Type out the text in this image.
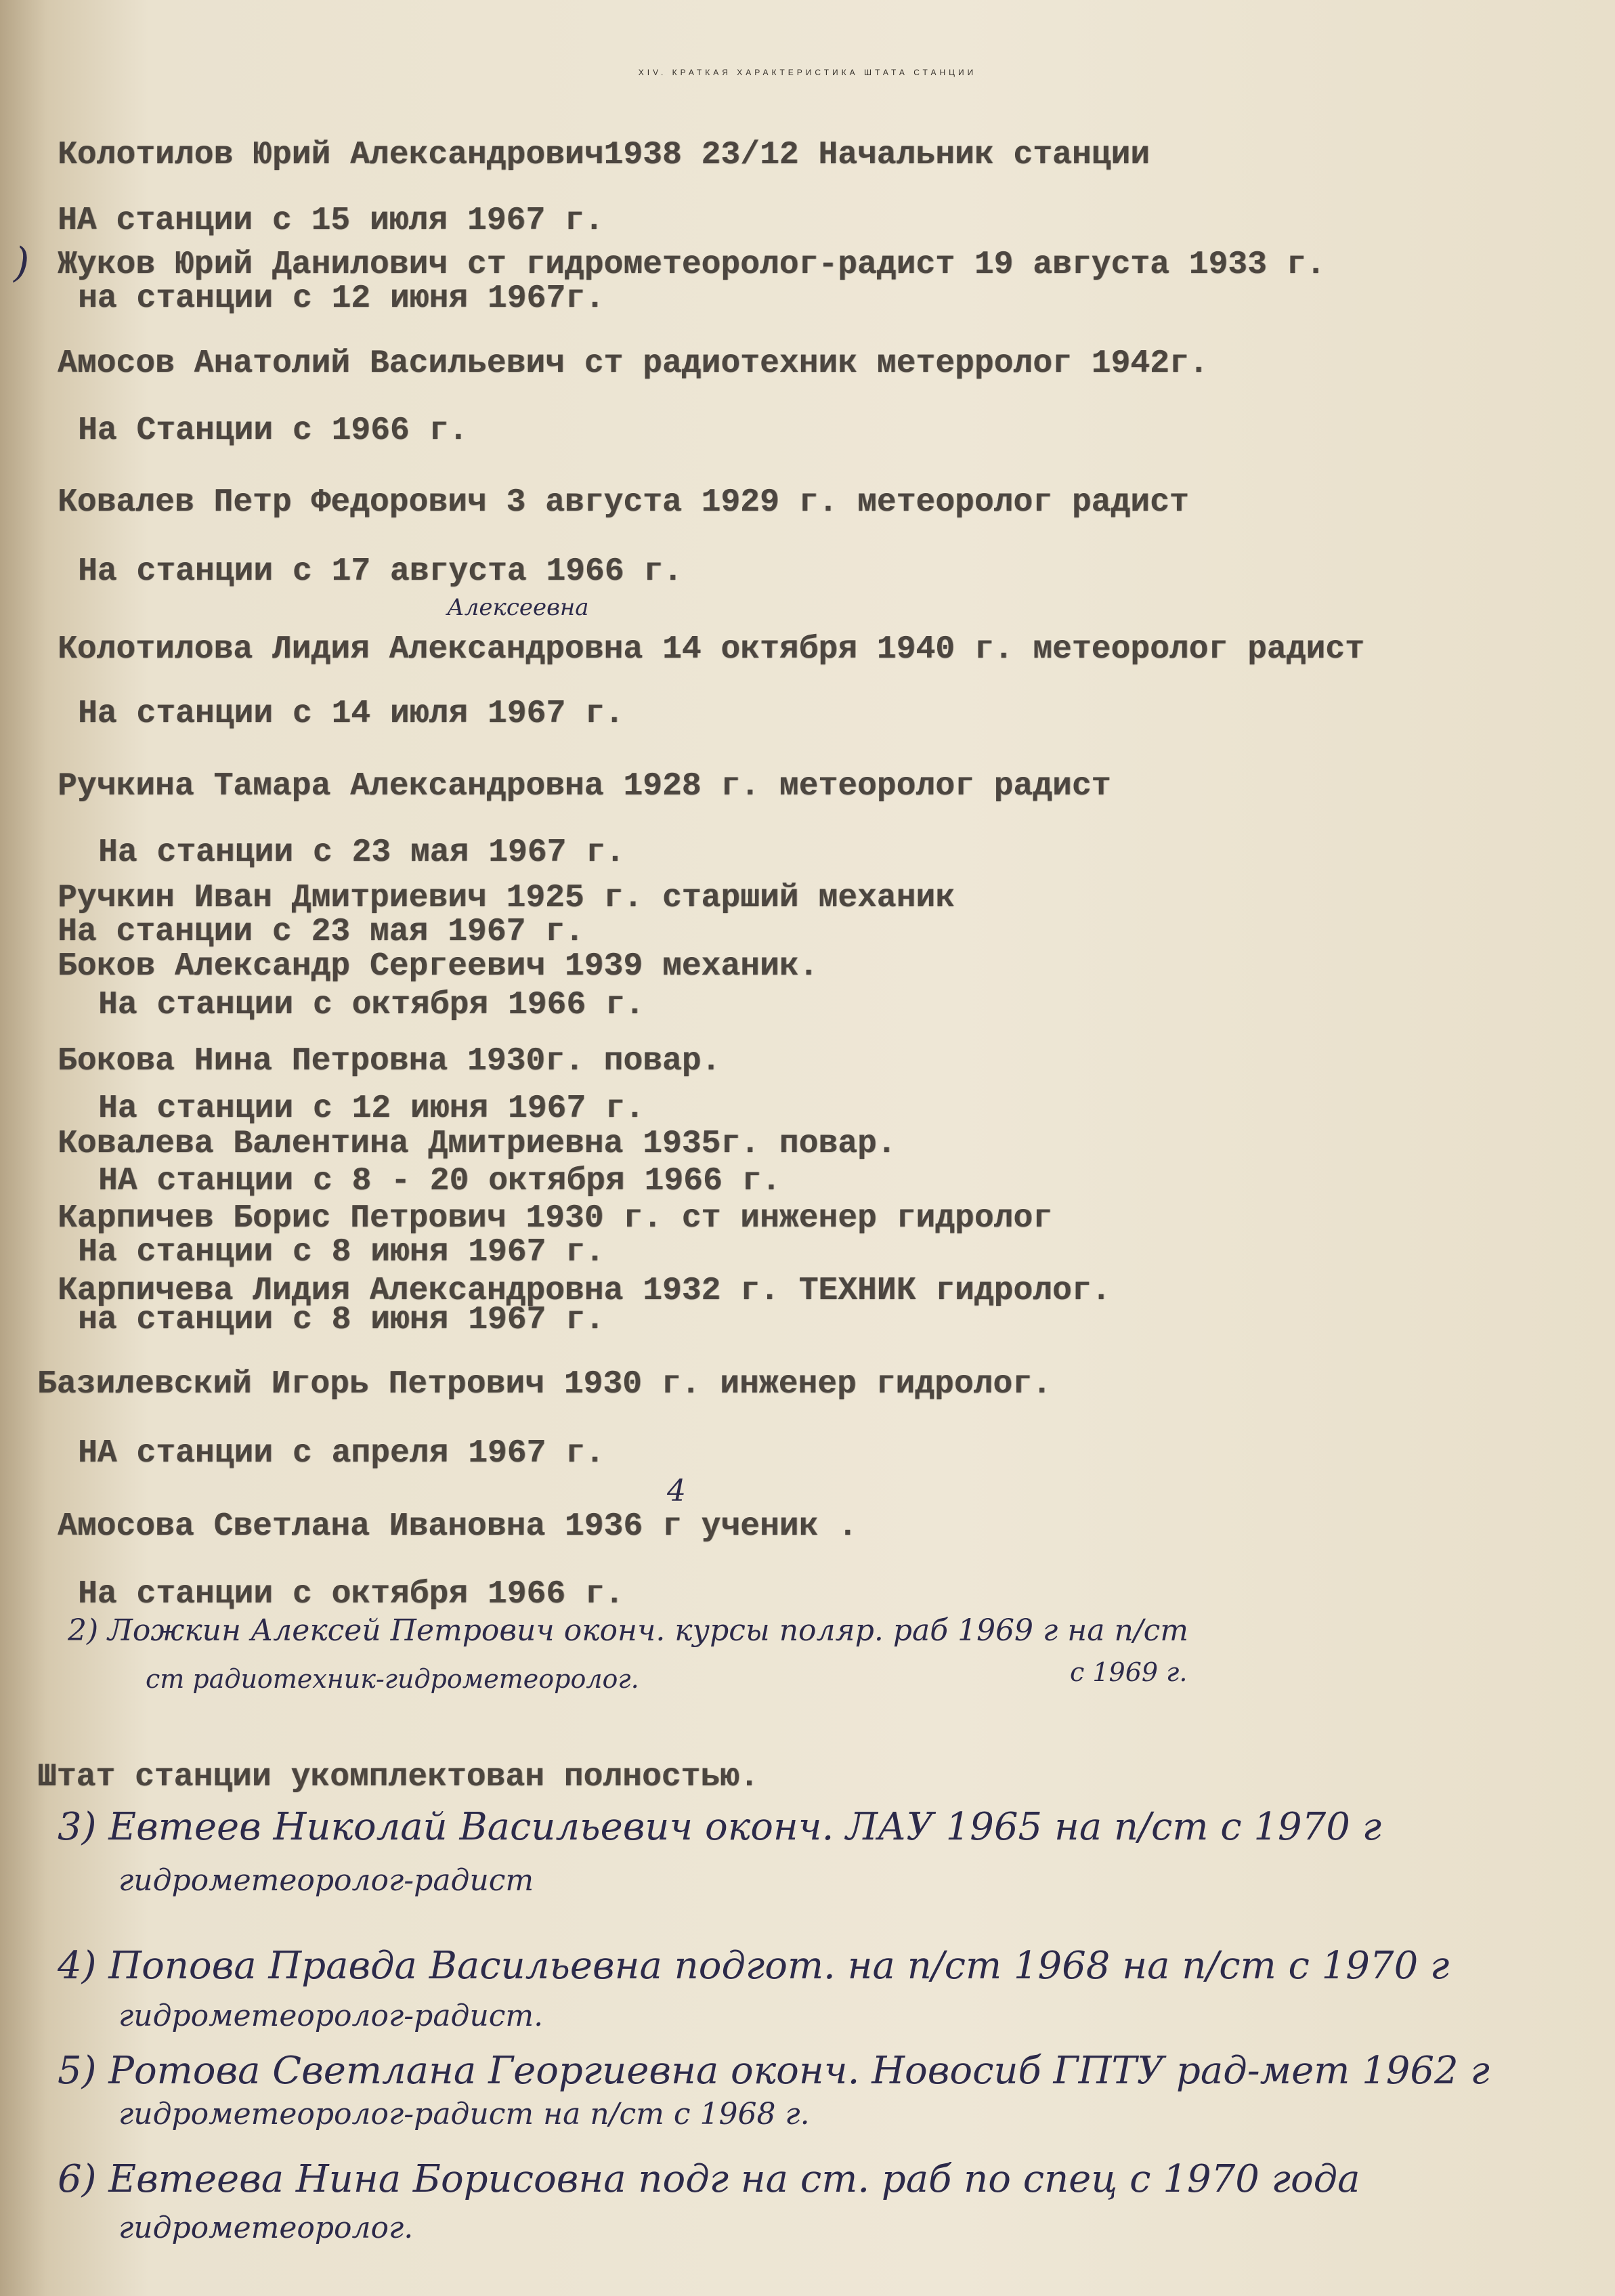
XIV. КРАТКАЯ ХАРАКТЕРИСТИКА ШТАТА СТАНЦИИ
Колотилов Юрий Александрович1938 23/12 Начальник станции
НА станции с 15 июля 1967 г.
) Жуков Юрий Данилович ст гидрометеоролог-радист 19 августа 1933 г.
на станции с 12 июня 1967г.
Амосов Анатолий Васильевич ст радиотехник метерролог 1942г.
На Cтанции с 1966 г.
Ковалев Петр Федорович 3 августа 1929 г. метеоролог радист
На станции с 17 августа 1966 г.
Алексеевна
Колотилова Лидия Александровна 14 октября 1940 г. метеоролог радист
На станции с 14 июля 1967 г.
Ручкина Тамара Александровна 1928 г. метеоролог радист
На станции с 23 мая 1967 г.
Ручкин Иван Дмитриевич 1925 г. старший механик
На станции с 23 мая 1967 г.
Боков Александр Сергеевич 1939 механик.
На станции с октября 1966 г.
Бокова Нина Петровна 1930г. повар.
На станции с 12 июня 1967 г.
Ковалева Валентина Дмитриевна 1935г. повар.
НА станции с 8 - 20 октября 1966 г.
Карпичев Борис Петрович 1930 г. ст инженер гидролог
На станции с 8 июня 1967 г.
Карпичева Лидия Александровна 1932 г. ТЕХНИК гидролог.
на станции с 8 июня 1967 г.
Базилевский Игорь Петрович 1930 г. инженер гидролог.
НА станции с апреля 1967 г.
4
Амосова Светлана Ивановна 1936 г ученик .
На станции с октября 1966 г.
2) Ложкин Алексей Петрович оконч. курсы поляр. раб 1969 г на п/ст
ст радиотехник-гидрометеоролог.	с 1969 г.
Штат станции укомплектован полностью.
3) Евтеев Николай Васильевич оконч. ЛАУ 1965 на п/ст с 1970 г
гидрометеоролог-радист
4) Попова Правда Васильевна подгот. на п/ст 1968 на п/ст с 1970 г
гидрометеоролог-радист.
5) Ротова Светлана Георгиевна оконч. Новосиб ГПТУ рад-мет 1962 г
гидрометеоролог-радист на п/ст с 1968 г.
6) Евтеева Нина Борисовна подг на ст. раб по спец с 1970 года
гидрометеоролог.
